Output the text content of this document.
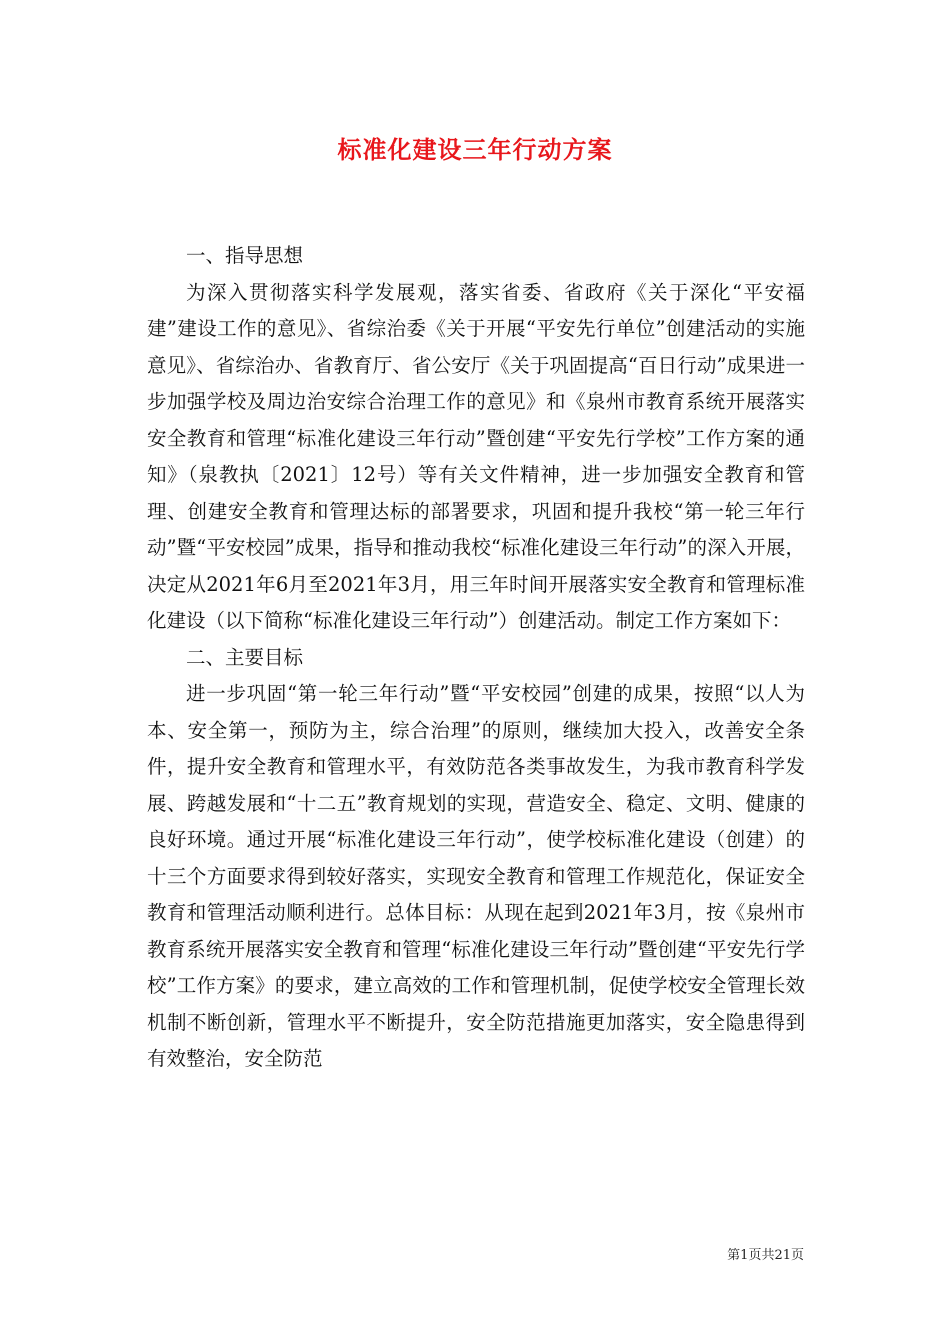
标准化建设三年行动方案
一、指导思想

为深入贯彻落实科学发展观，落实省委、省政府《关于深化“平安福建”建设工作的意见》、省综治委《关于开展“平安先行单位”创建活动的实施意见》、省综治办、省教育厅、省公安厅《关于巩固提高“百日行动”成果进一步加强学校及周边治安综合治理工作的意见》和《泉州市教育系统开展落实安全教育和管理“标准化建设三年行动”暨创建“平安先行学校”工作方案的通知》（泉教执〔2021〕12号）等有关文件精神，进一步加强安全教育和管理、创建安全教育和管理达标的部署要求，巩固和提升我校“第一轮三年行动”暨“平安校园”成果，指导和推动我校“标准化建设三年行动”的深入开展，决定从2021年6月至2021年3月，用三年时间开展落实安全教育和管理标准化建设（以下简称“标准化建设三年行动”）创建活动。制定工作方案如下：

二、主要目标

进一步巩固“第一轮三年行动”暨“平安校园”创建的成果，按照“以人为本、安全第一，预防为主，综合治理”的原则，继续加大投入，改善安全条件，提升安全教育和管理水平，有效防范各类事故发生，为我市教育科学发展、跨越发展和“十二五”教育规划的实现，营造安全、稳定、文明、健康的良好环境。通过开展“标准化建设三年行动”，使学校标准化建设（创建）的十三个方面要求得到较好落实，实现安全教育和管理工作规范化，保证安全教育和管理活动顺利进行。总体目标：从现在起到2021年3月，按《泉州市教育系统开展落实安全教育和管理“标准化建设三年行动”暨创建“平安先行学校”工作方案》的要求，建立高效的工作和管理机制，促使学校安全管理长效机制不断创新，管理水平不断提升，安全防范措施更加落实，安全隐患得到有效整治，安全防范

第1页共21页
